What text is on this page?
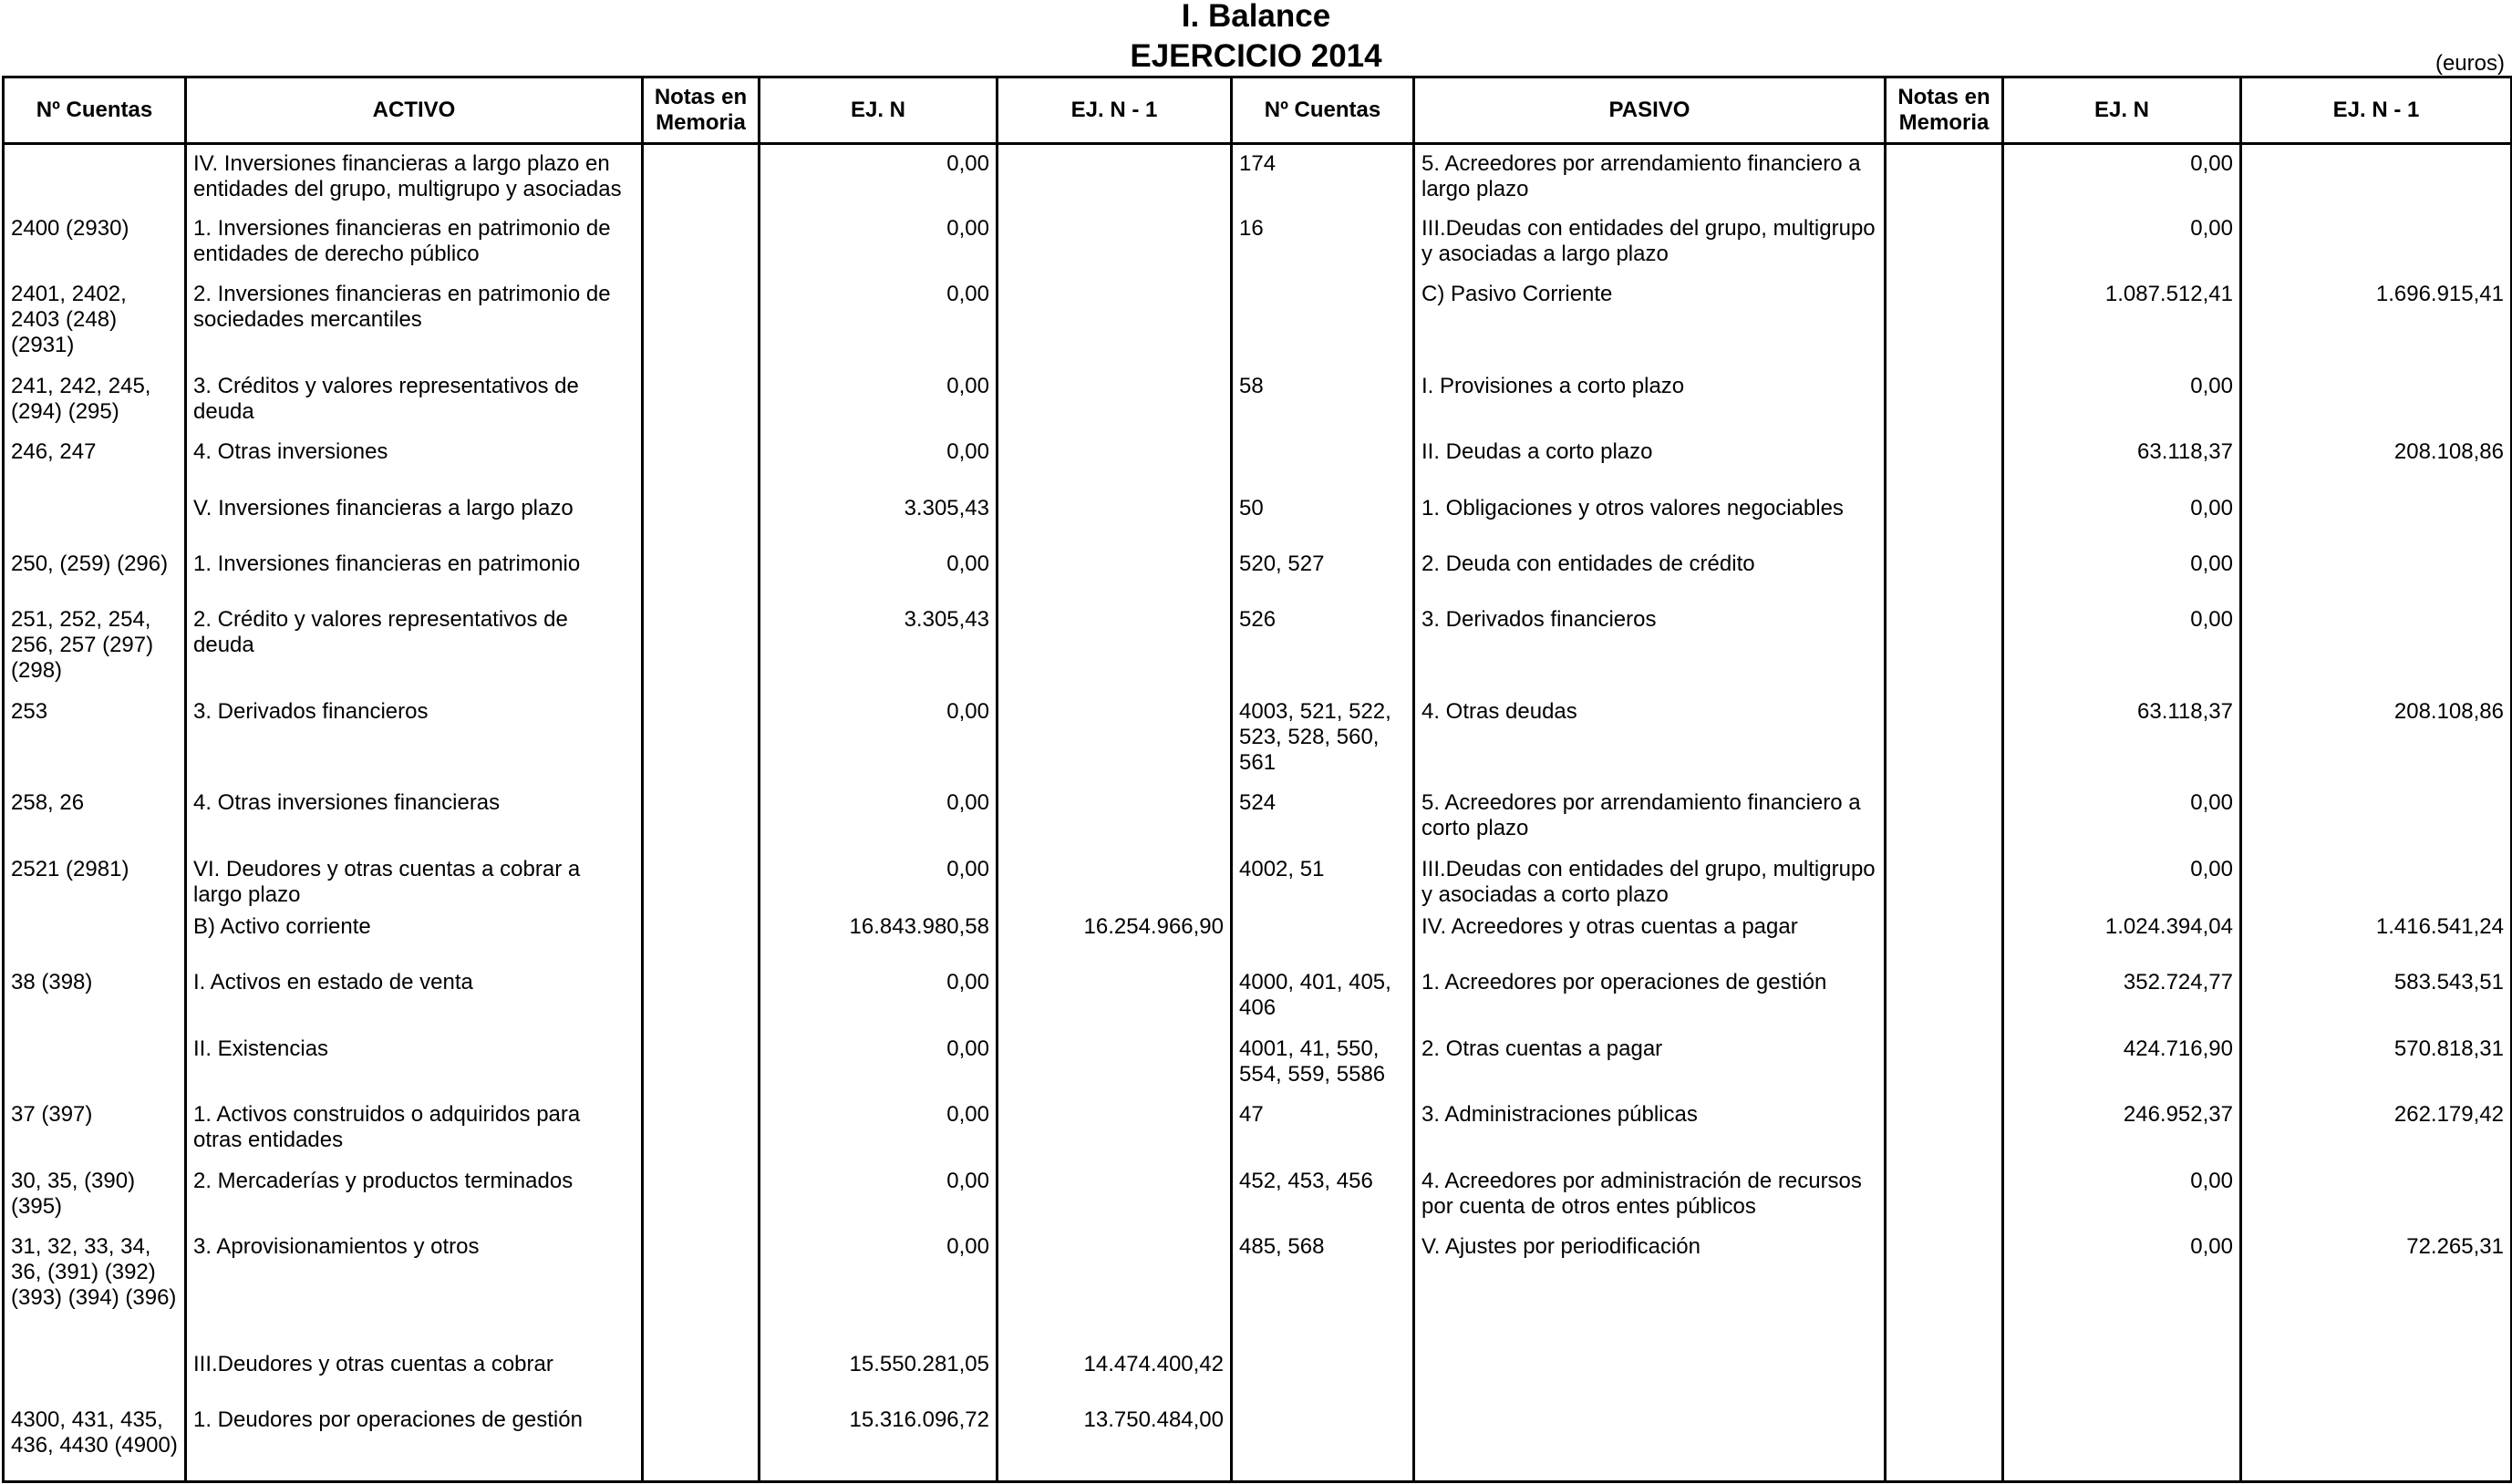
I. Balance
EJERCICIO 2014	(euros)
Nº Cuentas	ACTIVO	Notas en Memoria	EJ. N	EJ. N - 1	Nº Cuentas	PASIVO	Notas en Memoria	EJ. N	EJ. N - 1
	IV. Inversiones financieras a largo plazo en entidades del grupo, multigrupo y asociadas		0,00		174	5. Acreedores por arrendamiento financiero a largo plazo		0,00	
2400 (2930)	1. Inversiones financieras en patrimonio de entidades de derecho público		0,00		16	III.Deudas con entidades del grupo, multigrupo y asociadas a largo plazo		0,00	
2401, 2402, 2403 (248) (2931)	2. Inversiones financieras en patrimonio de sociedades mercantiles		0,00			C) Pasivo Corriente		1.087.512,41	1.696.915,41
241, 242, 245, (294) (295)	3. Créditos y valores representativos de deuda		0,00		58	I. Provisiones a corto plazo		0,00	
246, 247	4. Otras inversiones		0,00			II. Deudas a corto plazo		63.118,37	208.108,86
	V. Inversiones financieras a largo plazo		3.305,43		50	1. Obligaciones y otros valores negociables		0,00	
250, (259) (296)	1. Inversiones financieras en patrimonio		0,00		520, 527	2. Deuda con entidades de crédito		0,00	
251, 252, 254, 256, 257 (297) (298)	2. Crédito y valores representativos de deuda		3.305,43		526	3. Derivados financieros		0,00	
253	3. Derivados financieros		0,00		4003, 521, 522, 523, 528, 560, 561	4. Otras deudas		63.118,37	208.108,86
258, 26	4. Otras inversiones financieras		0,00		524	5. Acreedores por arrendamiento financiero a corto plazo		0,00	
2521 (2981)	VI. Deudores y otras cuentas a cobrar a largo plazo		0,00		4002, 51	III.Deudas con entidades del grupo, multigrupo y asociadas a corto plazo		0,00	
	B) Activo corriente		16.843.980,58	16.254.966,90		IV. Acreedores y otras cuentas a pagar		1.024.394,04	1.416.541,24
38 (398)	I. Activos en estado de venta		0,00		4000, 401, 405, 406	1. Acreedores por operaciones de gestión		352.724,77	583.543,51
	II. Existencias		0,00		4001, 41, 550, 554, 559, 5586	2. Otras cuentas a pagar		424.716,90	570.818,31
37 (397)	1. Activos construidos o adquiridos para otras entidades		0,00		47	3. Administraciones públicas		246.952,37	262.179,42
30, 35, (390) (395)	2. Mercaderías y productos terminados		0,00		452, 453, 456	4. Acreedores por administración de recursos por cuenta de otros entes públicos		0,00	
31, 32, 33, 34, 36, (391) (392) (393) (394) (396)	3. Aprovisionamientos y otros		0,00		485, 568	V. Ajustes por periodificación		0,00	72.265,31
	III.Deudores y otras cuentas a cobrar		15.550.281,05	14.474.400,42					
4300, 431, 435, 436, 4430 (4900)	1. Deudores por operaciones de gestión		15.316.096,72	13.750.484,00					
